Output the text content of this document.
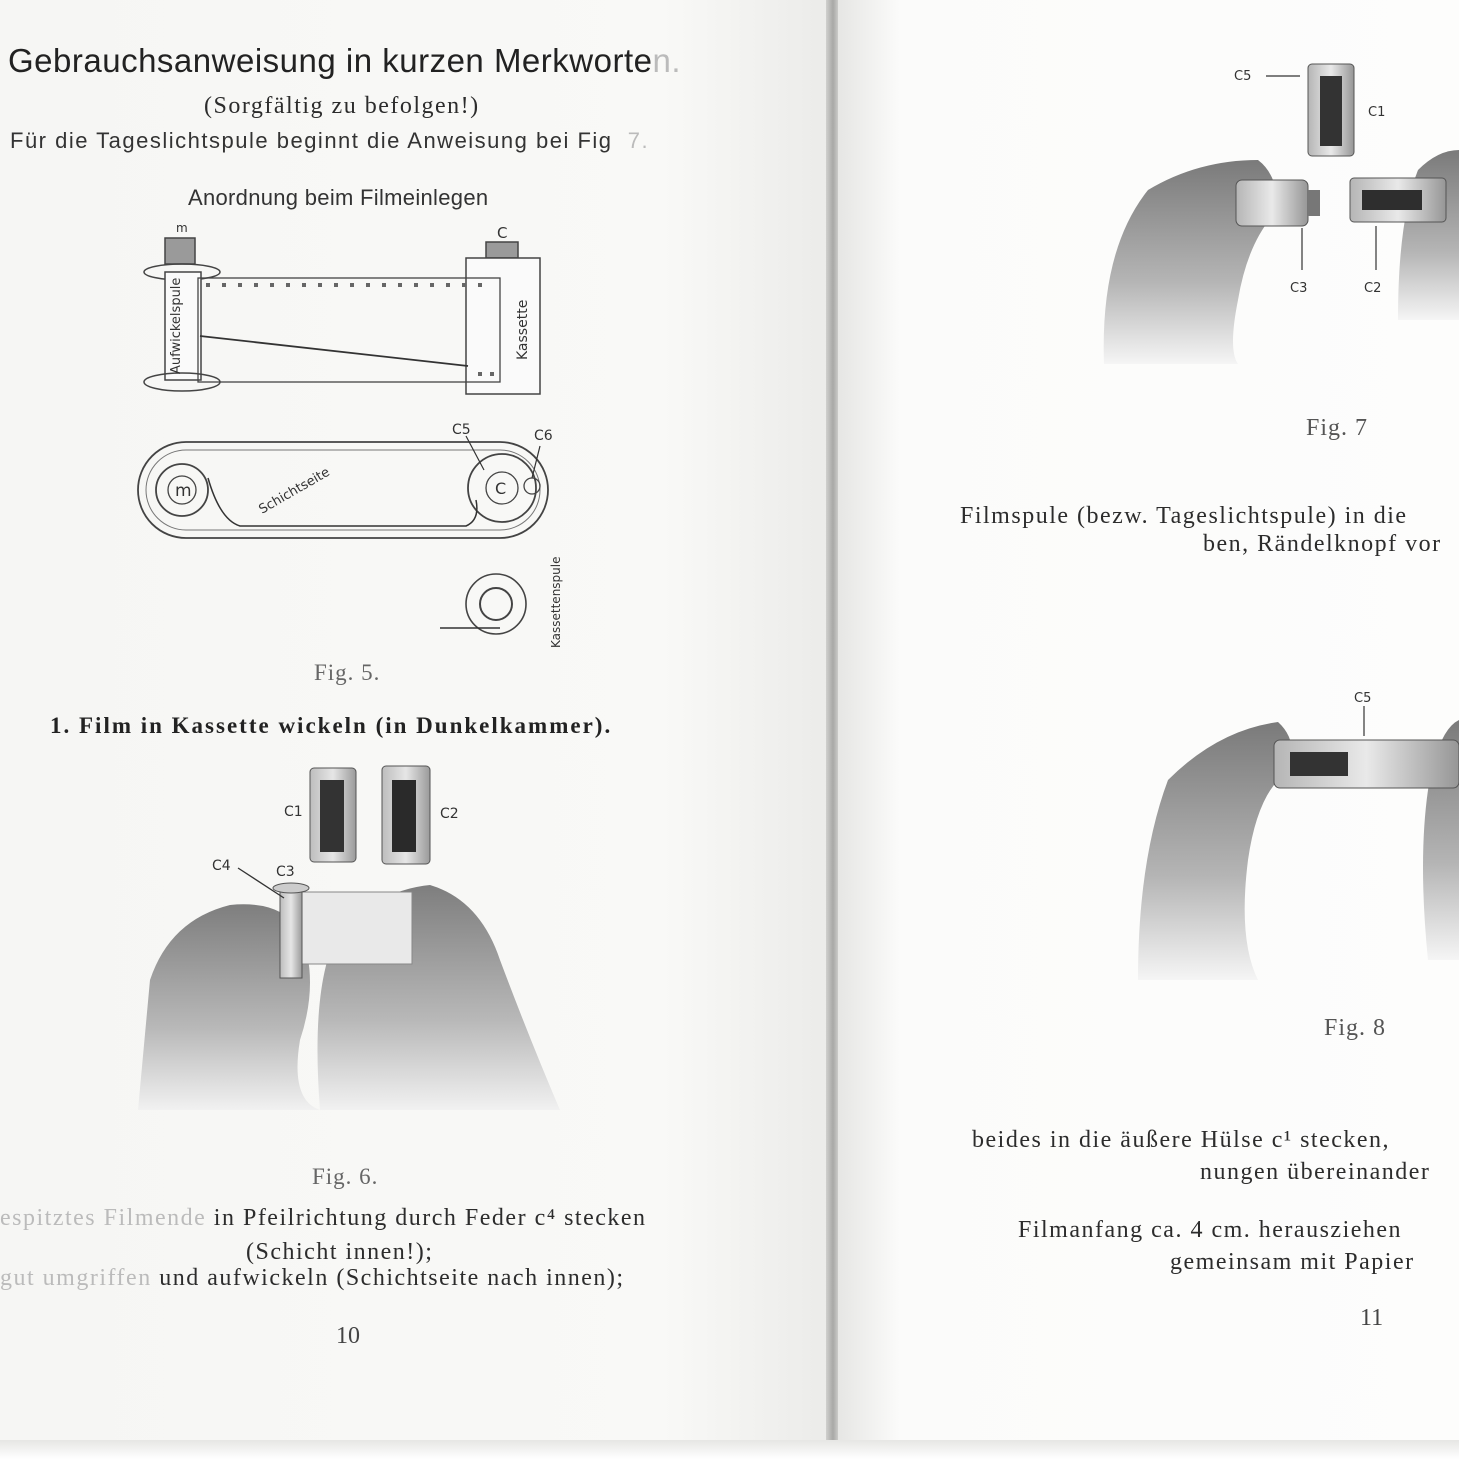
Gebrauchsanweisung in kurzen Merkworten.
(Sorgfältig zu befolgen!)
Für die Tageslichtspule beginnt die Anweisung bei Fig 7.
Anordnung beim Filmeinlegen
m	C
Aufwickelspule	Kassette
m	C
C5	C6
Schichtseite
Kassettenspule
Fig. 5.
1. Film in Kassette wickeln (in Dunkelkammer).
C1	C2
C3
C4
Fig. 6.
espitztes Filmende in Pfeilrichtung durch Feder c⁴ stecken
(Schicht innen!);
gut umgriffen und aufwickeln (Schichtseite nach innen);
10
C5
C1
C3	C2
Fig. 7
Filmspule (bezw. Tageslichtspule) in die
ben, Rändelknopf vor
C5
Fig. 8
beides in die äußere Hülse c¹ stecken,
nungen übereinander
Filmanfang ca. 4 cm. herausziehen
gemeinsam mit Papier
11
